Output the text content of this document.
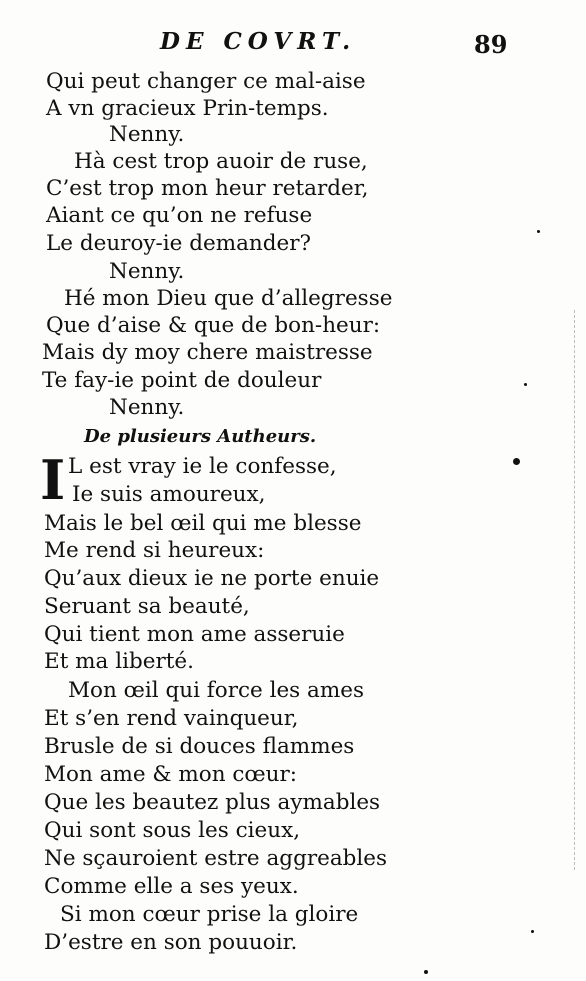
DE COVRT.	89
Qui peut changer ce mal-aise
A vn gracieux Prin-temps.
Nenny.
Hà cest trop auoir de ruse,
C’est trop mon heur retarder,
Aiant ce qu’on ne refuse
Le deuroy-ie demander?
Nenny.
Hé mon Dieu que d’allegresse
Que d’aise & que de bon-heur:
Mais dy moy chere maistresse
Te fay-ie point de douleur
Nenny.
De plusieurs Autheurs.
I L est vray ie le confesse,
Ie suis amoureux,
Mais le bel œil qui me blesse
Me rend si heureux:
Qu’aux dieux ie ne porte enuie
Seruant sa beauté,
Qui tient mon ame asseruie
Et ma liberté.
Mon œil qui force les ames
Et s’en rend vainqueur,
Brusle de si douces flammes
Mon ame & mon cœur:
Que les beautez plus aymables
Qui sont sous les cieux,
Ne sçauroient estre aggreables
Comme elle a ses yeux.
Si mon cœur prise la gloire
D’estre en son pouuoir.
